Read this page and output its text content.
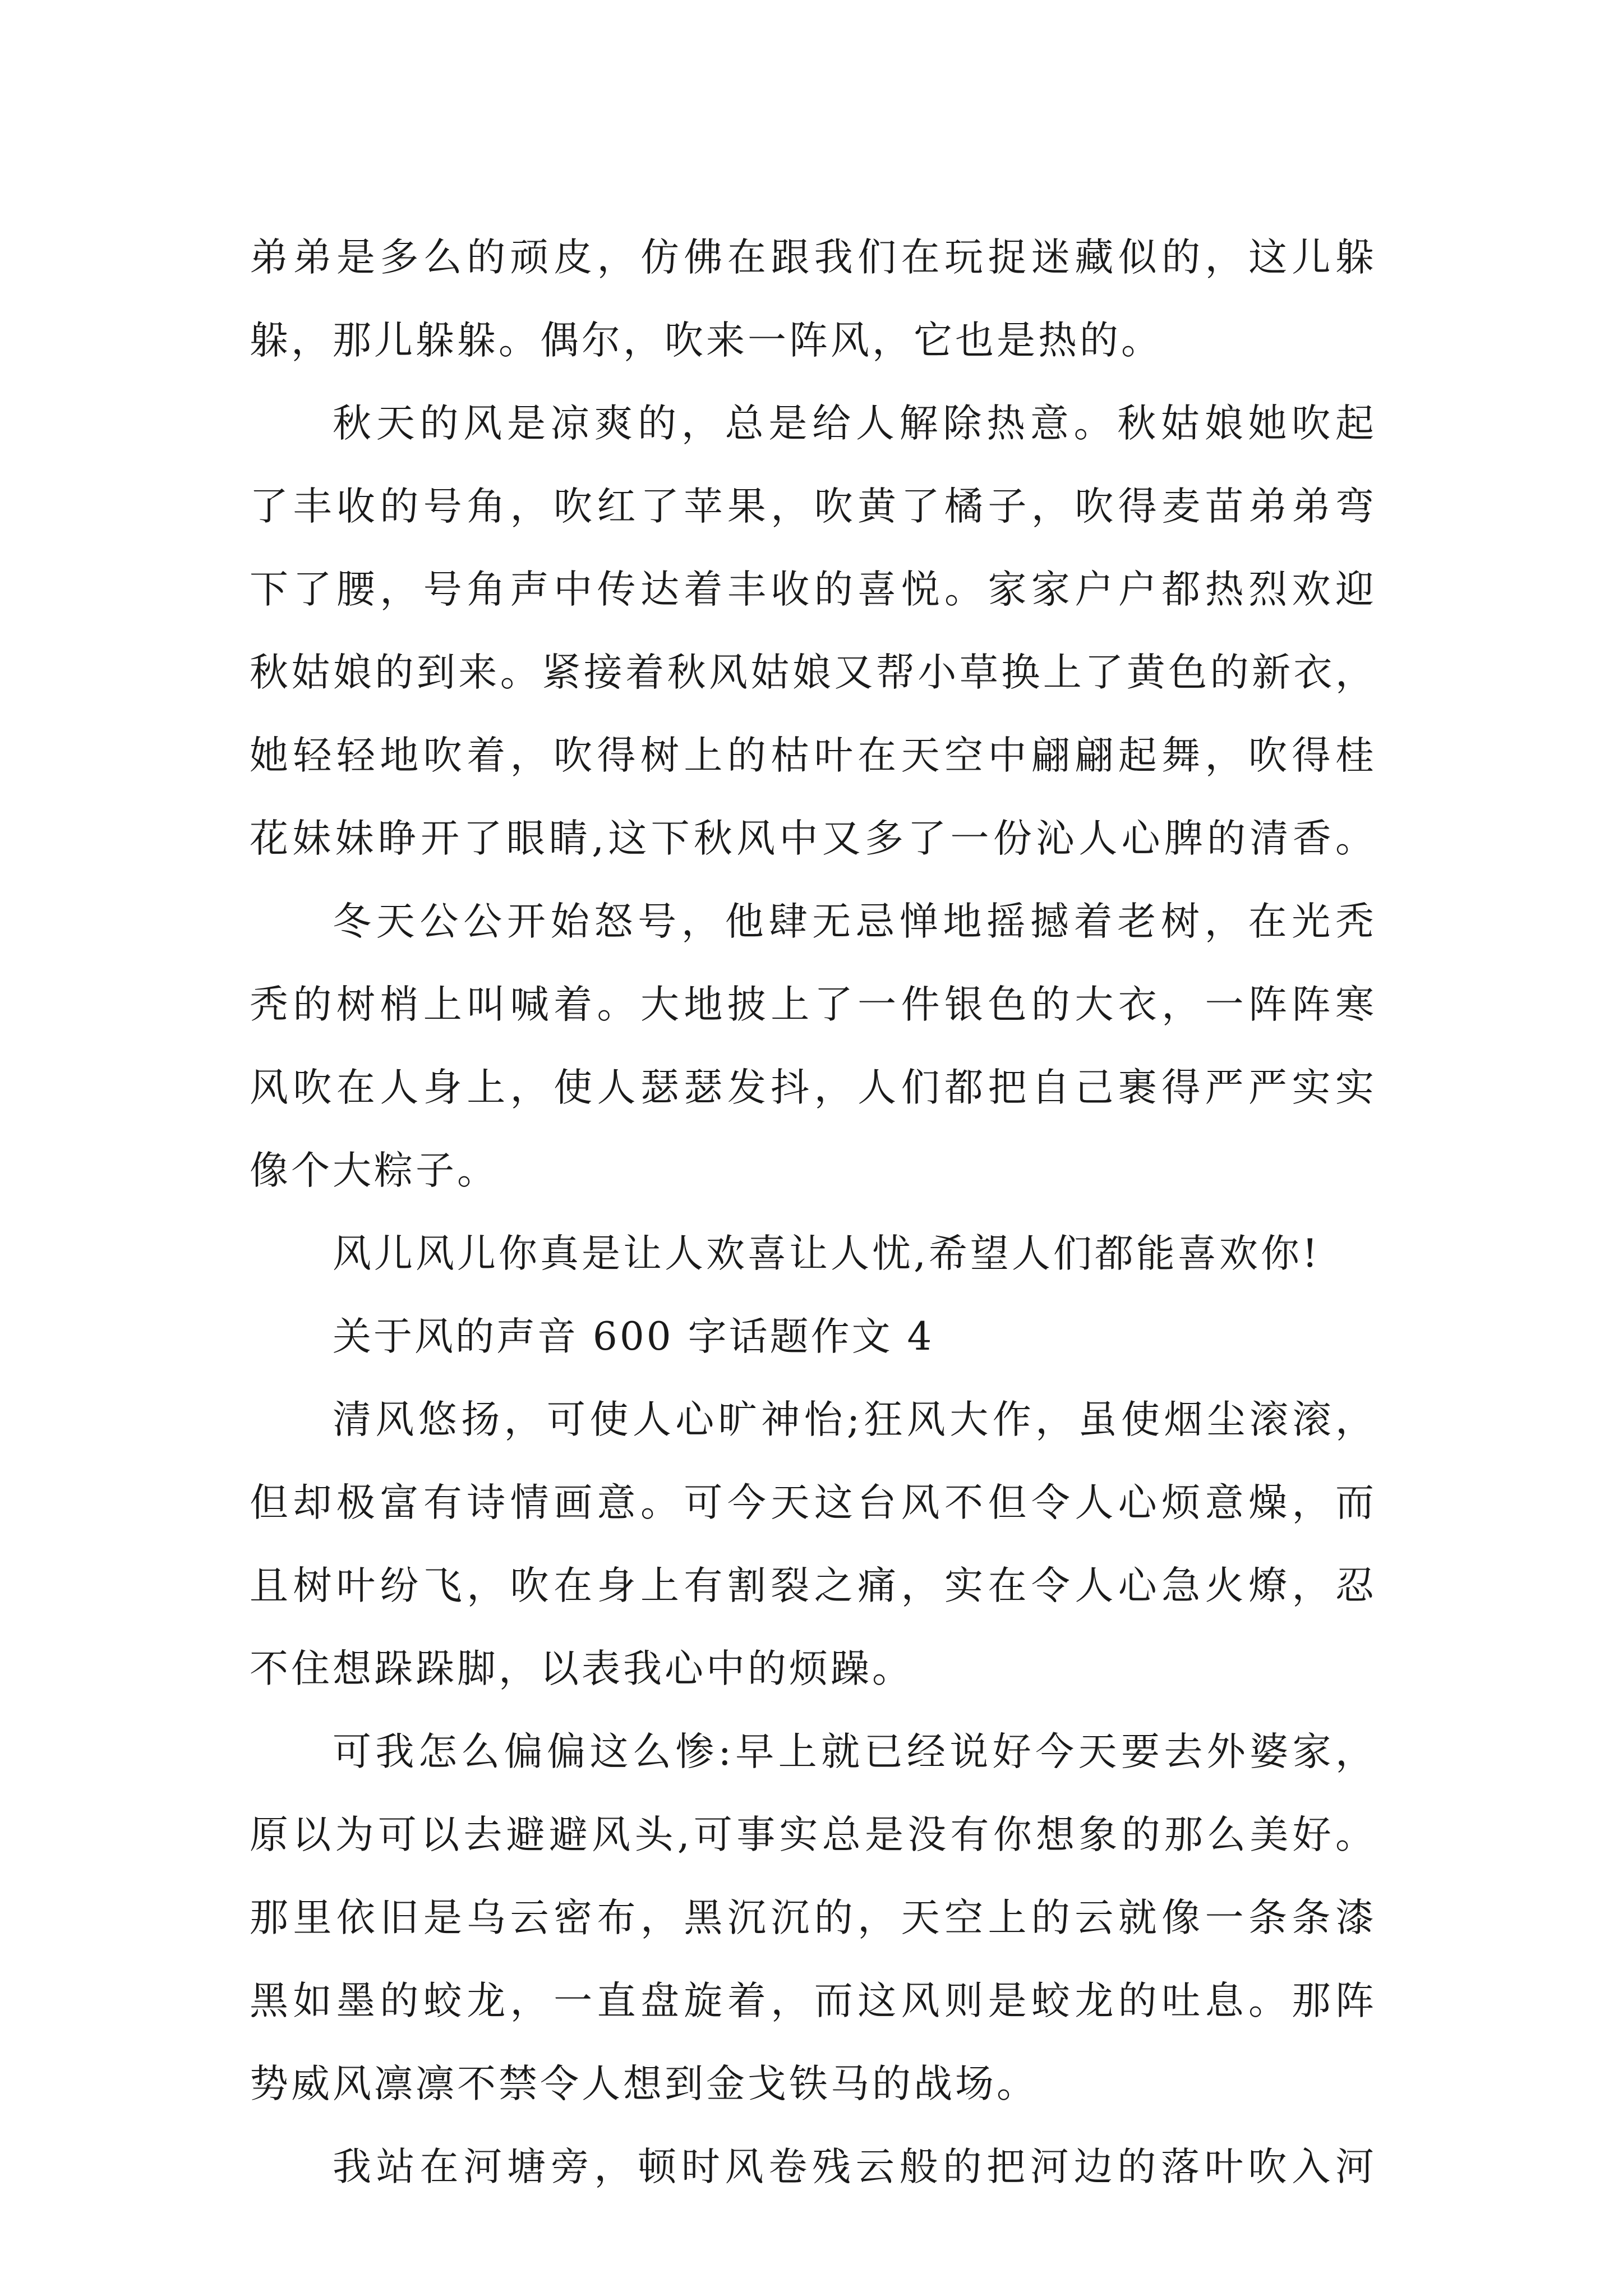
弟弟是多么的顽皮，仿佛在跟我们在玩捉迷藏似的，这儿躲
躲，那儿躲躲。偶尔，吹来一阵风，它也是热的。
秋天的风是凉爽的，总是给人解除热意。秋姑娘她吹起
了丰收的号角，吹红了苹果，吹黄了橘子，吹得麦苗弟弟弯
下了腰，号角声中传达着丰收的喜悦。家家户户都热烈欢迎
秋姑娘的到来。紧接着秋风姑娘又帮小草换上了黄色的新衣，
她轻轻地吹着，吹得树上的枯叶在天空中翩翩起舞，吹得桂
花妹妹睁开了眼睛,这下秋风中又多了一份沁人心脾的清香。
冬天公公开始怒号，他肆无忌惮地摇撼着老树，在光秃
秃的树梢上叫喊着。大地披上了一件银色的大衣，一阵阵寒
风吹在人身上，使人瑟瑟发抖，人们都把自己裹得严严实实
像个大粽子。
风儿风儿你真是让人欢喜让人忧,希望人们都能喜欢你!
关于风的声音 600 字话题作文 4
清风悠扬，可使人心旷神怡;狂风大作，虽使烟尘滚滚，
但却极富有诗情画意。可今天这台风不但令人心烦意燥，而
且树叶纷飞，吹在身上有割裂之痛，实在令人心急火燎，忍
不住想跺跺脚，以表我心中的烦躁。
可我怎么偏偏这么惨:早上就已经说好今天要去外婆家，
原以为可以去避避风头,可事实总是没有你想象的那么美好。
那里依旧是乌云密布，黑沉沉的，天空上的云就像一条条漆
黑如墨的蛟龙，一直盘旋着，而这风则是蛟龙的吐息。那阵
势威风凛凛不禁令人想到金戈铁马的战场。
我站在河塘旁，顿时风卷残云般的把河边的落叶吹入河
